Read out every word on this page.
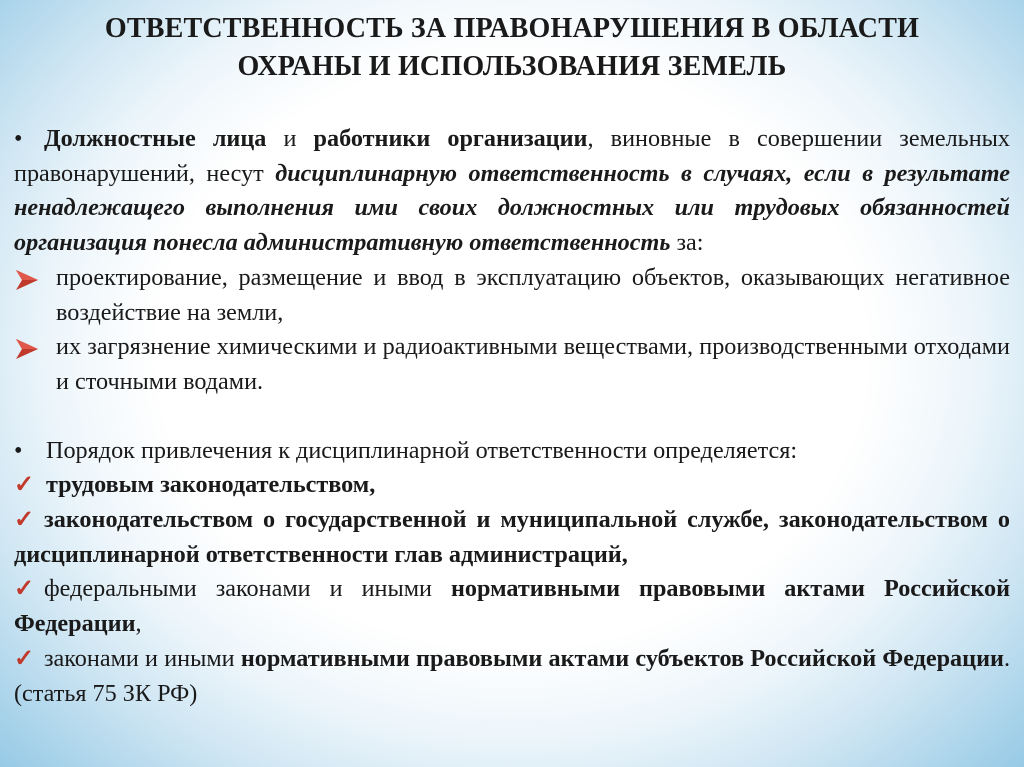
ОТВЕТСТВЕННОСТЬ ЗА ПРАВОНАРУШЕНИЯ В ОБЛАСТИ
ОХРАНЫ И ИСПОЛЬЗОВАНИЯ ЗЕМЕЛЬ

• Должностные лица и работники организации, виновные в совершении земельных правонарушений, несут дисциплинарную ответственность в случаях, если в результате ненадлежащего выполнения ими своих должностных или трудовых обязанностей организация понесла административную ответственность за:

проектирование, размещение и ввод в эксплуатацию объектов, оказывающих негативное воздействие на земли,

их загрязнение химическими и радиоактивными веществами, производственными отходами и сточными водами.

• Порядок привлечения к дисциплинарной ответственности определяется:

✓ трудовым законодательством,

✓ законодательством о государственной и муниципальной службе, законодательством о дисциплинарной ответственности глав администраций,

✓ федеральными законами и иными нормативными правовыми актами Российской Федерации,

✓ законами и иными нормативными правовыми актами субъектов Российской Федерации. (статья 75 ЗК РФ)
